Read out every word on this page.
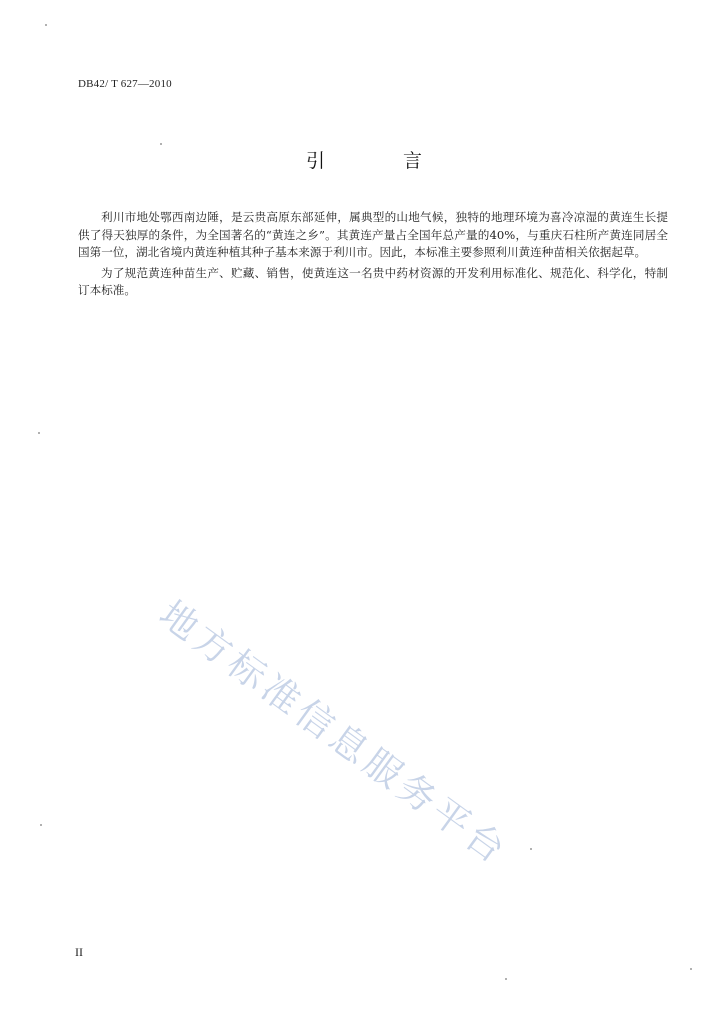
DB42/ T 627—2010
引 言

利川市地处鄂西南边陲，是云贵高原东部延伸，属典型的山地气候，独特的地理环境为喜冷凉湿的黄连生长提供了得天独厚的条件，为全国著名的“黄连之乡”。其黄连产量占全国年总产量的40%，与重庆石柱所产黄连同居全国第一位，湖北省境内黄连种植其种子基本来源于利川市。因此，本标准主要参照利川黄连种苗相关依据起草。

为了规范黄连种苗生产、贮藏、销售，使黄连这一名贵中药材资源的开发利用标准化、规范化、科学化，特制订本标准。

地方标准信息服务平台
II
